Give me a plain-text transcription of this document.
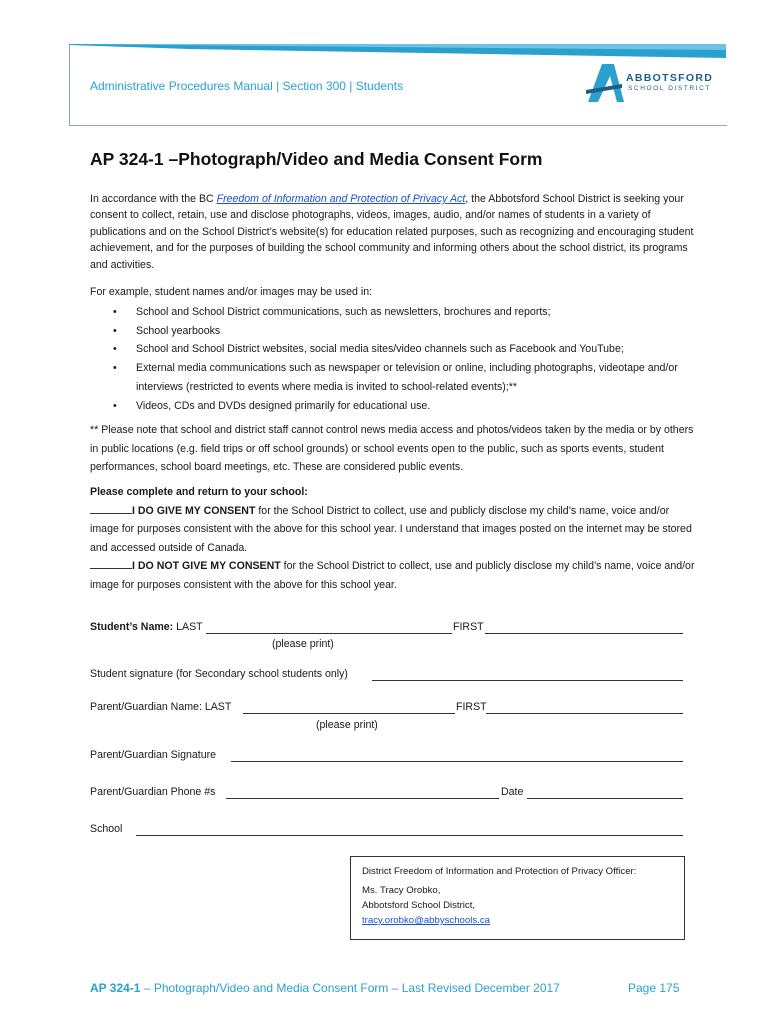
Administrative Procedures Manual | Section 300 | Students
ABBOTSFORD
SCHOOL DISTRICT
AP 324-1 –Photograph/Video and Media Consent Form

In accordance with the BC Freedom of Information and Protection of Privacy Act, the Abbotsford School District is seeking your consent to collect, retain, use and disclose photographs, videos, images, audio, and/or names of students in a variety of publications and on the School District’s website(s) for education related purposes, such as recognizing and encouraging student achievement, and for the purposes of building the school community and informing others about the school district, its programs and activities.

For example, student names and/or images may be used in:

• School and School District communications, such as newsletters, brochures and reports;
• School yearbooks
• School and School District websites, social media sites/video channels such as Facebook and YouTube;
• External media communications such as newspaper or television or online, including photographs, videotape and/or interviews (restricted to events where media is invited to school-related events);**
• Videos, CDs and DVDs designed primarily for educational use.

** Please note that school and district staff cannot control news media access and photos/videos taken by the media or by others in public locations (e.g. field trips or off school grounds) or school events open to the public, such as sports events, student performances, school board meetings, etc. These are considered public events.

Please complete and return to your school:
I DO GIVE MY CONSENT for the School District to collect, use and publicly disclose my child’s name, voice and/or image for purposes consistent with the above for this school year. I understand that images posted on the internet may be stored and accessed outside of Canada.
I DO NOT GIVE MY CONSENT for the School District to collect, use and publicly disclose my child’s name, voice and/or image for purposes consistent with the above for this school year.
Student’s Name: LAST	FIRST
(please print)
Student signature (for Secondary school students only)
Parent/Guardian Name: LAST	FIRST
(please print)
Parent/Guardian Signature
Parent/Guardian Phone #s	Date
School
District Freedom of Information and Protection of Privacy Officer:
Ms. Tracy Orobko,
Abbotsford School District,
tracy.orobko@abbyschools.ca
AP 324-1 – Photograph/Video and Media Consent Form – Last Revised December 2017	Page 175
